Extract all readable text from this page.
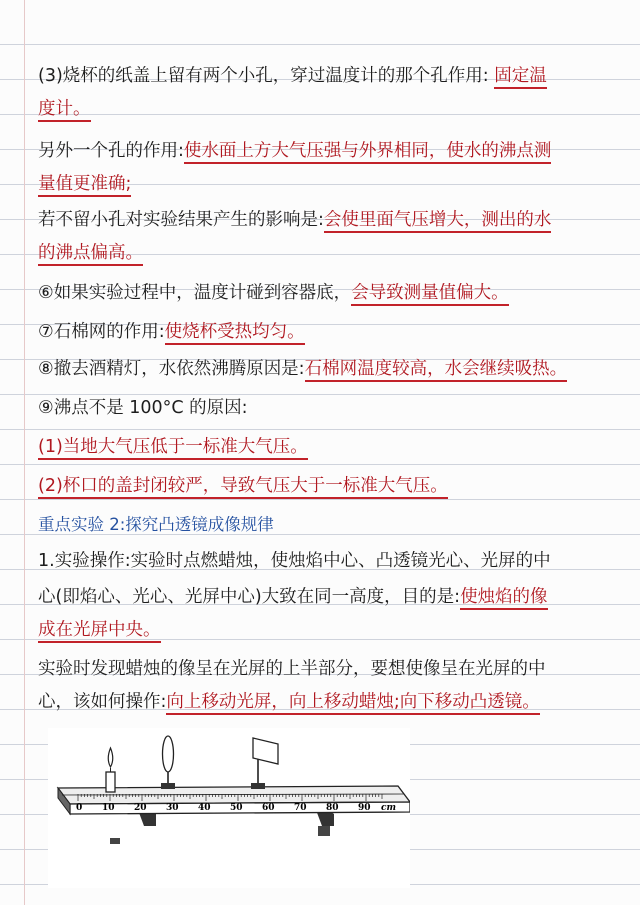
(3)烧杯的纸盖上留有两个小孔，穿过温度计的那个孔作用: 固定温
度计。
另外一个孔的作用:使水面上方大气压强与外界相同，使水的沸点测
量值更准确;
若不留小孔对实验结果产生的影响是:会使里面气压增大，测出的水
的沸点偏高。
⑥如果实验过程中，温度计碰到容器底，会导致测量值偏大。
⑦石棉网的作用:使烧杯受热均匀。
⑧撤去酒精灯，水依然沸腾原因是:石棉网温度较高，水会继续吸热。
⑨沸点不是 100°C 的原因:
(1)当地大气压低于一标准大气压。
(2)杯口的盖封闭较严，导致气压大于一标准大气压。
重点实验 2:探究凸透镜成像规律
1.实验操作:实验时点燃蜡烛，使烛焰中心、凸透镜光心、光屏的中
心(即焰心、光心、光屏中心)大致在同一高度，目的是:使烛焰的像
成在光屏中央。
实验时发现蜡烛的像呈在光屏的上半部分，要想使像呈在光屏的中
心，该如何操作:向上移动光屏，向上移动蜡烛;向下移动凸透镜。
0 10 20 30 40 50 60 70 80 90 cm
